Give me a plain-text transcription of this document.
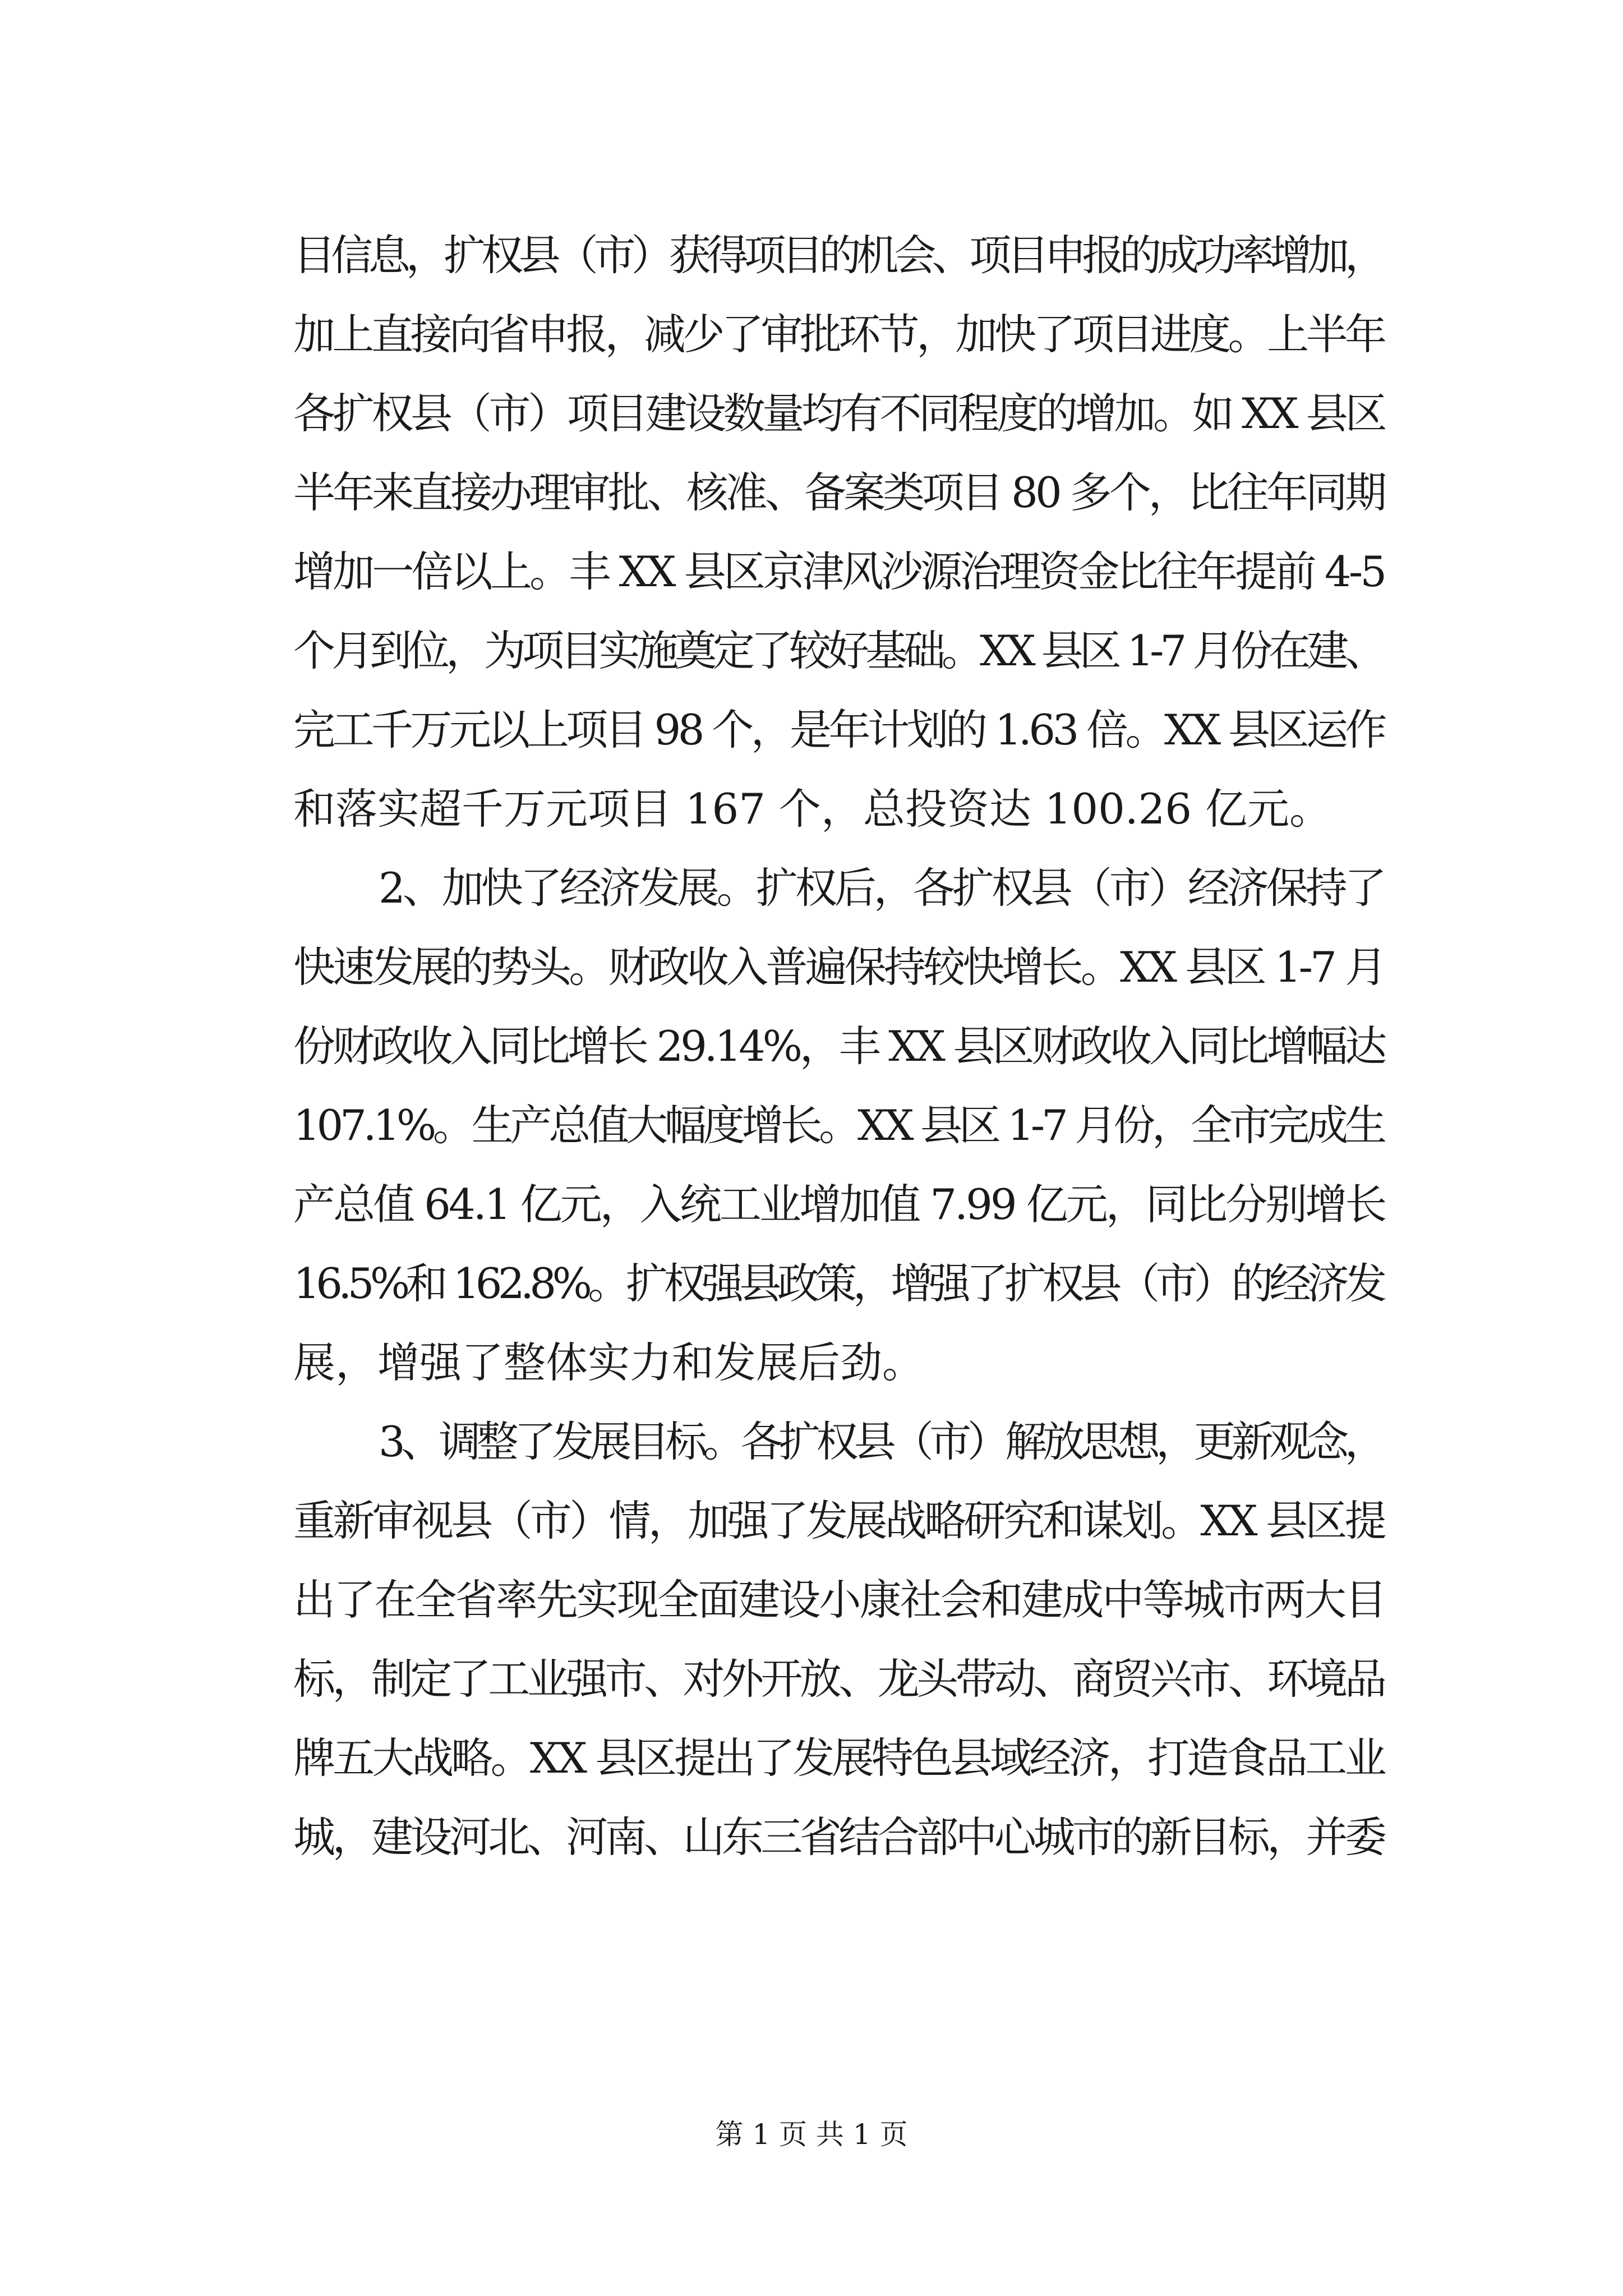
目信息，扩权县（市）获得项目的机会、项目申报的成功率增加，
加上直接向省申报，减少了审批环节，加快了项目进度。上半年
各扩权县（市）项目建设数量均有不同程度的增加。如 XX 县区
半年来直接办理审批、核准、备案类项目 80 多个，比往年同期
增加一倍以上。丰 XX 县区京津风沙源治理资金比往年提前 4-5
个月到位，为项目实施奠定了较好基础。XX 县区 1-7 月份在建、
完工千万元以上项目 98 个，是年计划的 1.63 倍。XX 县区运作
和落实超千万元项目 167 个，总投资达 100.26 亿元。
2、加快了经济发展。扩权后，各扩权县（市）经济保持了
快速发展的势头。财政收入普遍保持较快增长。XX 县区 1-7 月
份财政收入同比增长 29.14%，丰 XX 县区财政收入同比增幅达
107.1%。生产总值大幅度增长。XX 县区 1-7 月份，全市完成生
产总值 64.1 亿元，入统工业增加值 7.99 亿元，同比分别增长
16.5%和 162.8%。扩权强县政策，增强了扩权县（市）的经济发
展，增强了整体实力和发展后劲。
3、调整了发展目标。各扩权县（市）解放思想，更新观念，
重新审视县（市）情，加强了发展战略研究和谋划。XX 县区提
出了在全省率先实现全面建设小康社会和建成中等城市两大目
标，制定了工业强市、对外开放、龙头带动、商贸兴市、环境品
牌五大战略。XX 县区提出了发展特色县域经济，打造食品工业
城，建设河北、河南、山东三省结合部中心城市的新目标，并委
第 1 页 共 1 页
